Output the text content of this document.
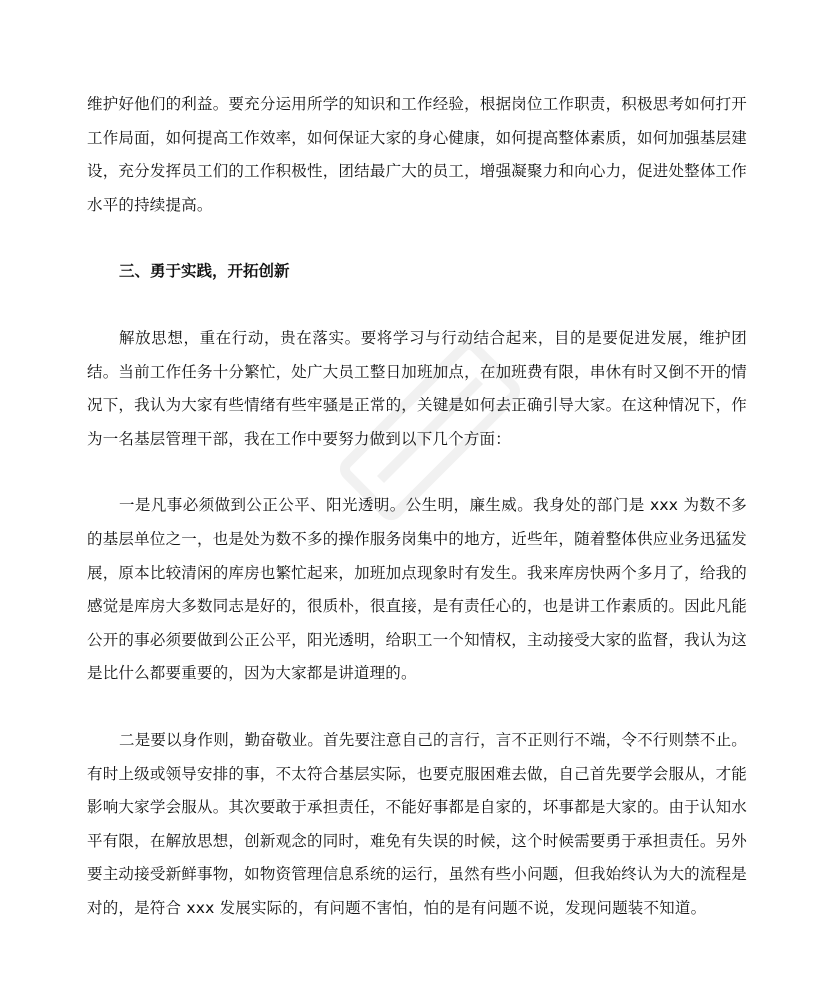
维护好他们的利益。要充分运用所学的知识和工作经验，根据岗位工作职责，积极思考如何打开工作局面，如何提高工作效率，如何保证大家的身心健康，如何提高整体素质，如何加强基层建设，充分发挥员工们的工作积极性，团结最广大的员工，增强凝聚力和向心力，促进处整体工作水平的持续提高。

三、勇于实践，开拓创新

解放思想，重在行动，贵在落实。要将学习与行动结合起来，目的是要促进发展，维护团结。当前工作任务十分繁忙，处广大员工整日加班加点，在加班费有限，串休有时又倒不开的情况下，我认为大家有些情绪有些牢骚是正常的，关键是如何去正确引导大家。在这种情况下，作为一名基层管理干部，我在工作中要努力做到以下几个方面：

一是凡事必须做到公正公平、阳光透明。公生明，廉生威。我身处的部门是 xxx 为数不多的基层单位之一，也是处为数不多的操作服务岗集中的地方，近些年，随着整体供应业务迅猛发展，原本比较清闲的库房也繁忙起来，加班加点现象时有发生。我来库房快两个多月了，给我的感觉是库房大多数同志是好的，很质朴，很直接，是有责任心的，也是讲工作素质的。因此凡能公开的事必须要做到公正公平，阳光透明，给职工一个知情权，主动接受大家的监督，我认为这是比什么都要重要的，因为大家都是讲道理的。

二是要以身作则，勤奋敬业。首先要注意自己的言行，言不正则行不端，令不行则禁不止。有时上级或领导安排的事，不太符合基层实际，也要克服困难去做，自己首先要学会服从，才能影响大家学会服从。其次要敢于承担责任，不能好事都是自家的，坏事都是大家的。由于认知水平有限，在解放思想，创新观念的同时，难免有失误的时候，这个时候需要勇于承担责任。另外要主动接受新鲜事物，如物资管理信息系统的运行，虽然有些小问题，但我始终认为大的流程是对的，是符合 xxx 发展实际的，有问题不害怕，怕的是有问题不说，发现问题装不知道。
